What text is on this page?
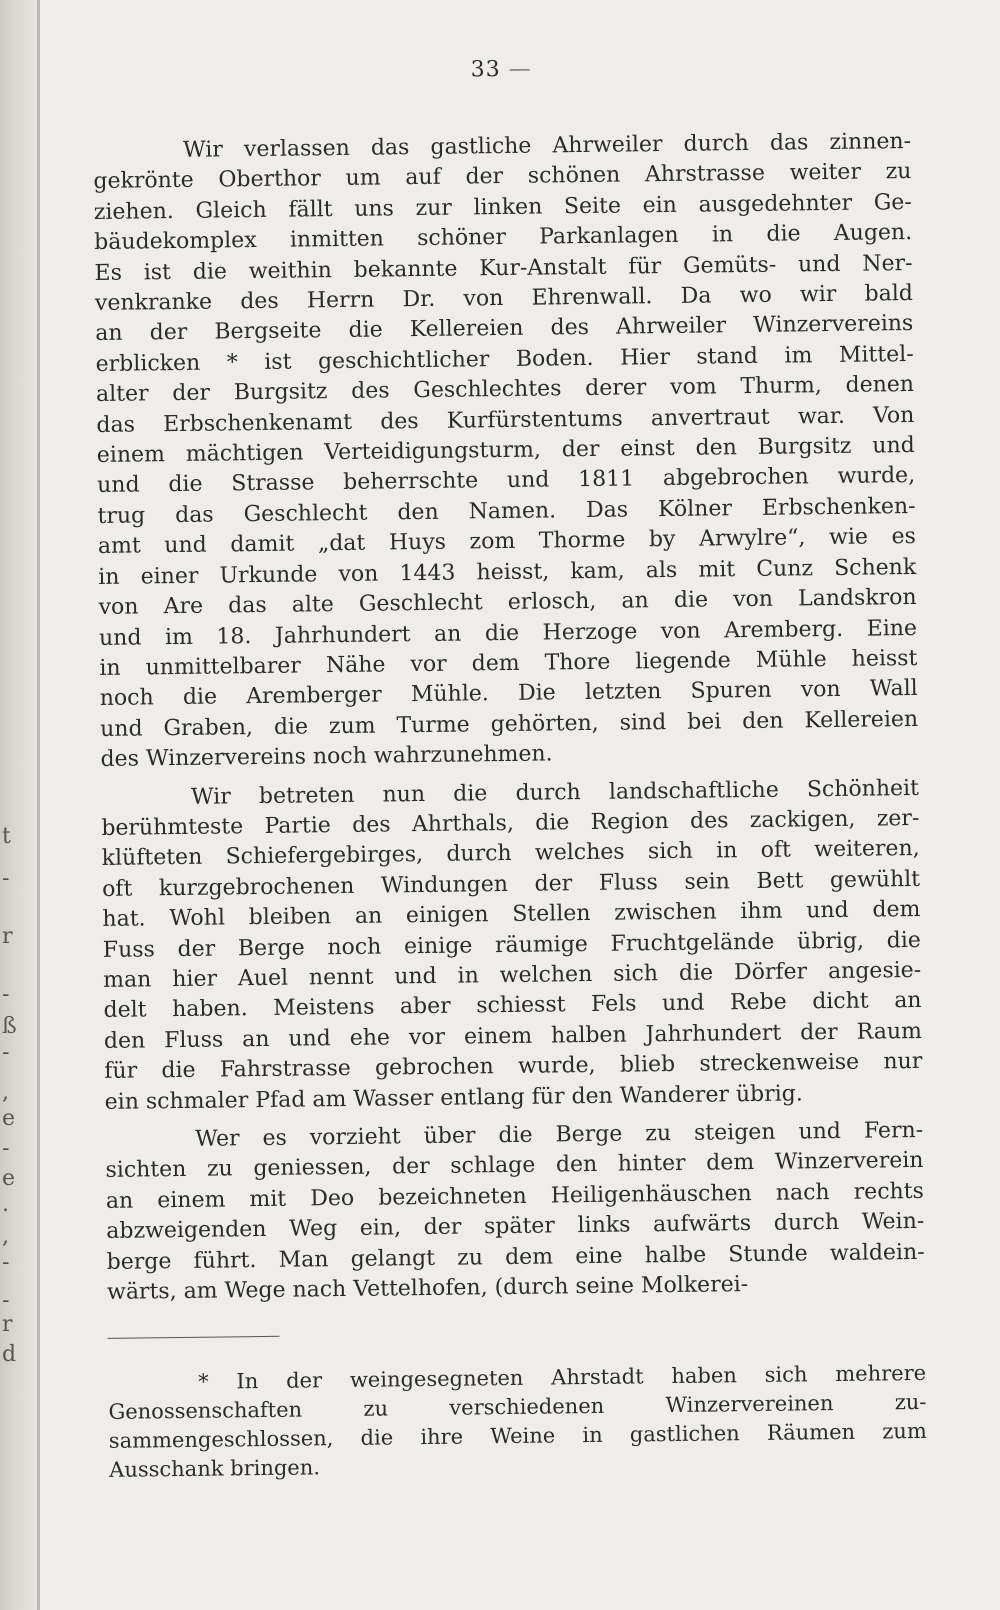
t
-
r
-
ß
-
,
e
-
e
.
,
-
-
r
d
33 —
Wir verlassen das gastliche Ahrweiler durch das zinnen-
gekrönte Oberthor um auf der schönen Ahrstrasse weiter zu
ziehen. Gleich fällt uns zur linken Seite ein ausgedehnter Ge-
bäudekomplex inmitten schöner Parkanlagen in die Augen.
Es ist die weithin bekannte Kur-Anstalt für Gemüts- und Ner-
venkranke des Herrn Dr. von Ehrenwall. Da wo wir bald
an der Bergseite die Kellereien des Ahrweiler Winzervereins
erblicken * ist geschichtlicher Boden. Hier stand im Mittel-
alter der Burgsitz des Geschlechtes derer vom Thurm, denen
das Erbschenkenamt des Kurfürstentums anvertraut war. Von
einem mächtigen Verteidigungsturm, der einst den Burgsitz und
und die Strasse beherrschte und 1811 abgebrochen wurde,
trug das Geschlecht den Namen. Das Kölner Erbschenken-
amt und damit „dat Huys zom Thorme by Arwylre“, wie es
in einer Urkunde von 1443 heisst, kam, als mit Cunz Schenk
von Are das alte Geschlecht erlosch, an die von Landskron
und im 18. Jahrhundert an die Herzoge von Aremberg. Eine
in unmittelbarer Nähe vor dem Thore liegende Mühle heisst
noch die Aremberger Mühle. Die letzten Spuren von Wall
und Graben, die zum Turme gehörten, sind bei den Kellereien
des Winzervereins noch wahrzunehmen.
Wir betreten nun die durch landschaftliche Schönheit
berühmteste Partie des Ahrthals, die Region des zackigen, zer-
klüfteten Schiefergebirges, durch welches sich in oft weiteren,
oft kurzgebrochenen Windungen der Fluss sein Bett gewühlt
hat. Wohl bleiben an einigen Stellen zwischen ihm und dem
Fuss der Berge noch einige räumige Fruchtgelände übrig, die
man hier Auel nennt und in welchen sich die Dörfer angesie-
delt haben. Meistens aber schiesst Fels und Rebe dicht an
den Fluss an und ehe vor einem halben Jahrhundert der Raum
für die Fahrstrasse gebrochen wurde, blieb streckenweise nur
ein schmaler Pfad am Wasser entlang für den Wanderer übrig.
Wer es vorzieht über die Berge zu steigen und Fern-
sichten zu geniessen, der schlage den hinter dem Winzerverein
an einem mit Deo bezeichneten Heiligenhäuschen nach rechts
abzweigenden Weg ein, der später links aufwärts durch Wein-
berge führt. Man gelangt zu dem eine halbe Stunde waldein-
wärts, am Wege nach Vettelhofen, (durch seine Molkerei-
* In der weingesegneten Ahrstadt haben sich mehrere
Genossenschaften zu verschiedenen Winzervereinen zu-
sammengeschlossen, die ihre Weine in gastlichen Räumen zum
Ausschank bringen.
